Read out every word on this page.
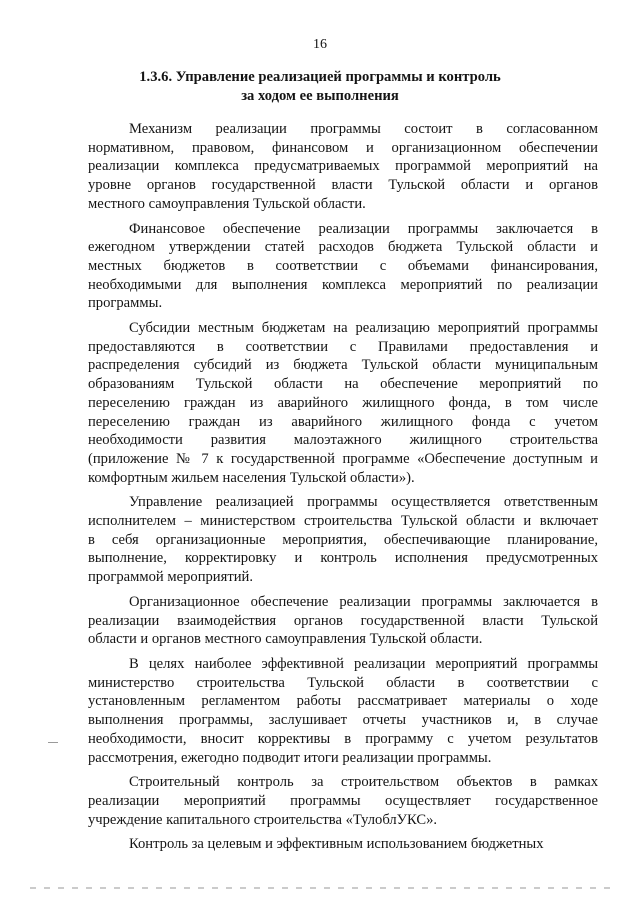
16
1.3.6. Управление реализацией программы и контроль
за ходом ее выполнения
Механизм реализации программы состоит в согласованном
нормативном, правовом, финансовом и организационном обеспечении
реализации комплекса предусматриваемых программой мероприятий на
уровне органов государственной власти Тульской области и органов
местного самоуправления Тульской области.
Финансовое обеспечение реализации программы заключается в
ежегодном утверждении статей расходов бюджета Тульской области и
местных бюджетов в соответствии с объемами финансирования,
необходимыми для выполнения комплекса мероприятий по реализации
программы.
Субсидии местным бюджетам на реализацию мероприятий программы
предоставляются в соответствии с Правилами предоставления и
распределения субсидий из бюджета Тульской области муниципальным
образованиям Тульской области на обеспечение мероприятий по
переселению граждан из аварийного жилищного фонда, в том числе
переселению граждан из аварийного жилищного фонда с учетом
необходимости развития малоэтажного жилищного строительства
(приложение № 7 к государственной программе «Обеспечение доступным и
комфортным жильем населения Тульской области»).
Управление реализацией программы осуществляется ответственным
исполнителем – министерством строительства Тульской области и включает
в себя организационные мероприятия, обеспечивающие планирование,
выполнение, корректировку и контроль исполнения предусмотренных
программой мероприятий.
Организационное обеспечение реализации программы заключается в
реализации взаимодействия органов государственной власти Тульской
области и органов местного самоуправления Тульской области.
В целях наиболее эффективной реализации мероприятий программы
министерство строительства Тульской области в соответствии с
установленным регламентом работы рассматривает материалы о ходе
выполнения программы, заслушивает отчеты участников и, в случае
необходимости, вносит коррективы в программу с учетом результатов
рассмотрения, ежегодно подводит итоги реализации программы.
Строительный контроль за строительством объектов в рамках
реализации мероприятий программы осуществляет государственное
учреждение капитального строительства «ТулоблУКС».
Контроль за целевым и эффективным использованием бюджетных
